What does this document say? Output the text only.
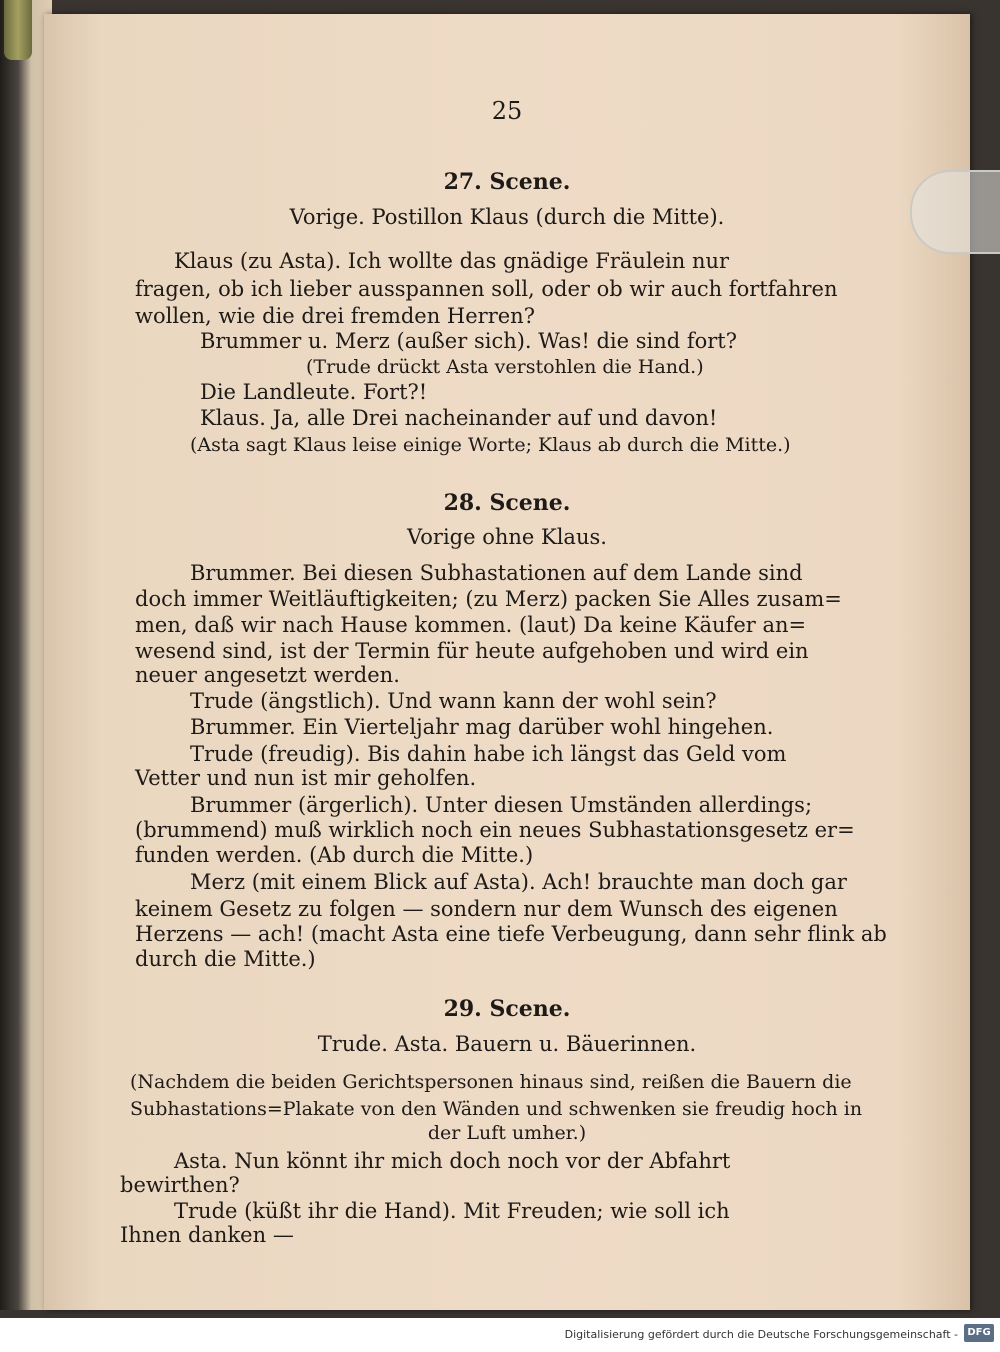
25
27. Scene.
Vorige. Postillon Klaus (durch die Mitte).
Klaus (zu Asta). Ich wollte das gnädige Fräulein nur
fragen, ob ich lieber ausspannen soll, oder ob wir auch fortfahren
wollen, wie die drei fremden Herren?
Brummer u. Merz (außer sich). Was! die sind fort?
(Trude drückt Asta verstohlen die Hand.)
Die Landleute. Fort?!
Klaus. Ja, alle Drei nacheinander auf und davon!
(Asta sagt Klaus leise einige Worte; Klaus ab durch die Mitte.)
28. Scene.
Vorige ohne Klaus.
Brummer. Bei diesen Subhastationen auf dem Lande sind
doch immer Weitläuftigkeiten; (zu Merz) packen Sie Alles zusam=
men, daß wir nach Hause kommen. (laut) Da keine Käufer an=
wesend sind, ist der Termin für heute aufgehoben und wird ein
neuer angesetzt werden.
Trude (ängstlich). Und wann kann der wohl sein?
Brummer. Ein Vierteljahr mag darüber wohl hingehen.
Trude (freudig). Bis dahin habe ich längst das Geld vom
Vetter und nun ist mir geholfen.
Brummer (ärgerlich). Unter diesen Umständen allerdings;
(brummend) muß wirklich noch ein neues Subhastationsgesetz er=
funden werden. (Ab durch die Mitte.)
Merz (mit einem Blick auf Asta). Ach! brauchte man doch gar
keinem Gesetz zu folgen — sondern nur dem Wunsch des eigenen
Herzens — ach! (macht Asta eine tiefe Verbeugung, dann sehr flink ab
durch die Mitte.)
29. Scene.
Trude. Asta. Bauern u. Bäuerinnen.
(Nachdem die beiden Gerichtspersonen hinaus sind, reißen die Bauern die
Subhastations=Plakate von den Wänden und schwenken sie freudig hoch in
der Luft umher.)
Asta. Nun könnt ihr mich doch noch vor der Abfahrt
bewirthen?
Trude (küßt ihr die Hand). Mit Freuden; wie soll ich
Ihnen danken —
Digitalisierung gefördert durch die Deutsche Forschungsgemeinschaft - DFG
